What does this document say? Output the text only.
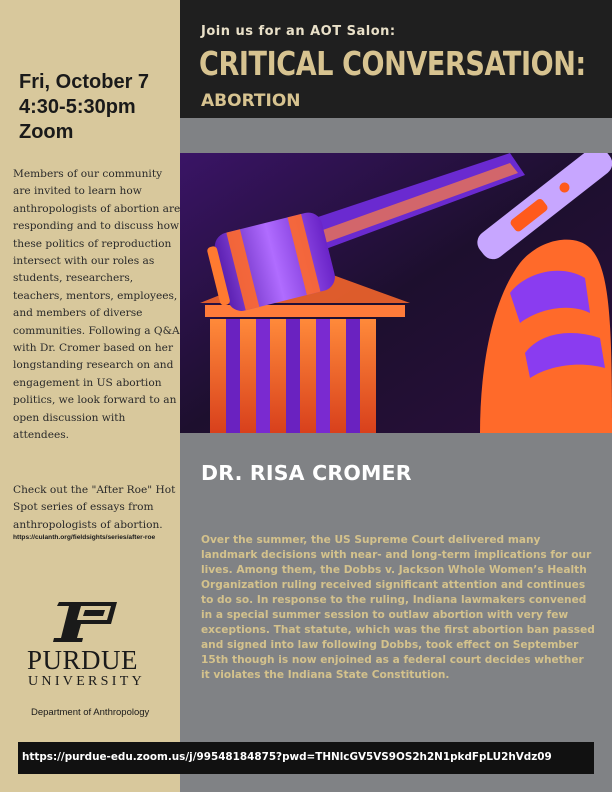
Join us for an AOT Salon:
CRITICAL CONVERSATION:
ABORTION
Fri, October 7
4:30-5:30pm
Zoom
Members of our community are invited to learn how anthropologists of abortion are responding and to discuss how these politics of reproduction intersect with our roles as students, researchers, teachers, mentors, employees, and members of diverse communities. Following a Q&A with Dr. Cromer based on her longstanding research on and engagement in US abortion politics, we look forward to an open discussion with attendees.
Check out the "After Roe" Hot Spot series of essays from anthropologists of abortion.
https://culanth.org/fieldsights/series/after-roe
DR. RISA CROMER
Over the summer, the US Supreme Court delivered many landmark decisions with near- and long-term implications for our lives. Among them, the Dobbs v. Jackson Whole Women’s Health Organization ruling received significant attention and continues to do so. In response to the ruling, Indiana lawmakers convened in a special summer session to outlaw abortion with very few exceptions. That statute, which was the first abortion ban passed and signed into law following Dobbs, took effect on September 15th though is now enjoined as a federal court decides whether it violates the Indiana State Constitution.
PURDUE
UNIVERSITY
Department of Anthropology
https://purdue-edu.zoom.us/j/99548184875?pwd=THNlcGV5VS9OS2h2N1pkdFpLU2hVdz09
